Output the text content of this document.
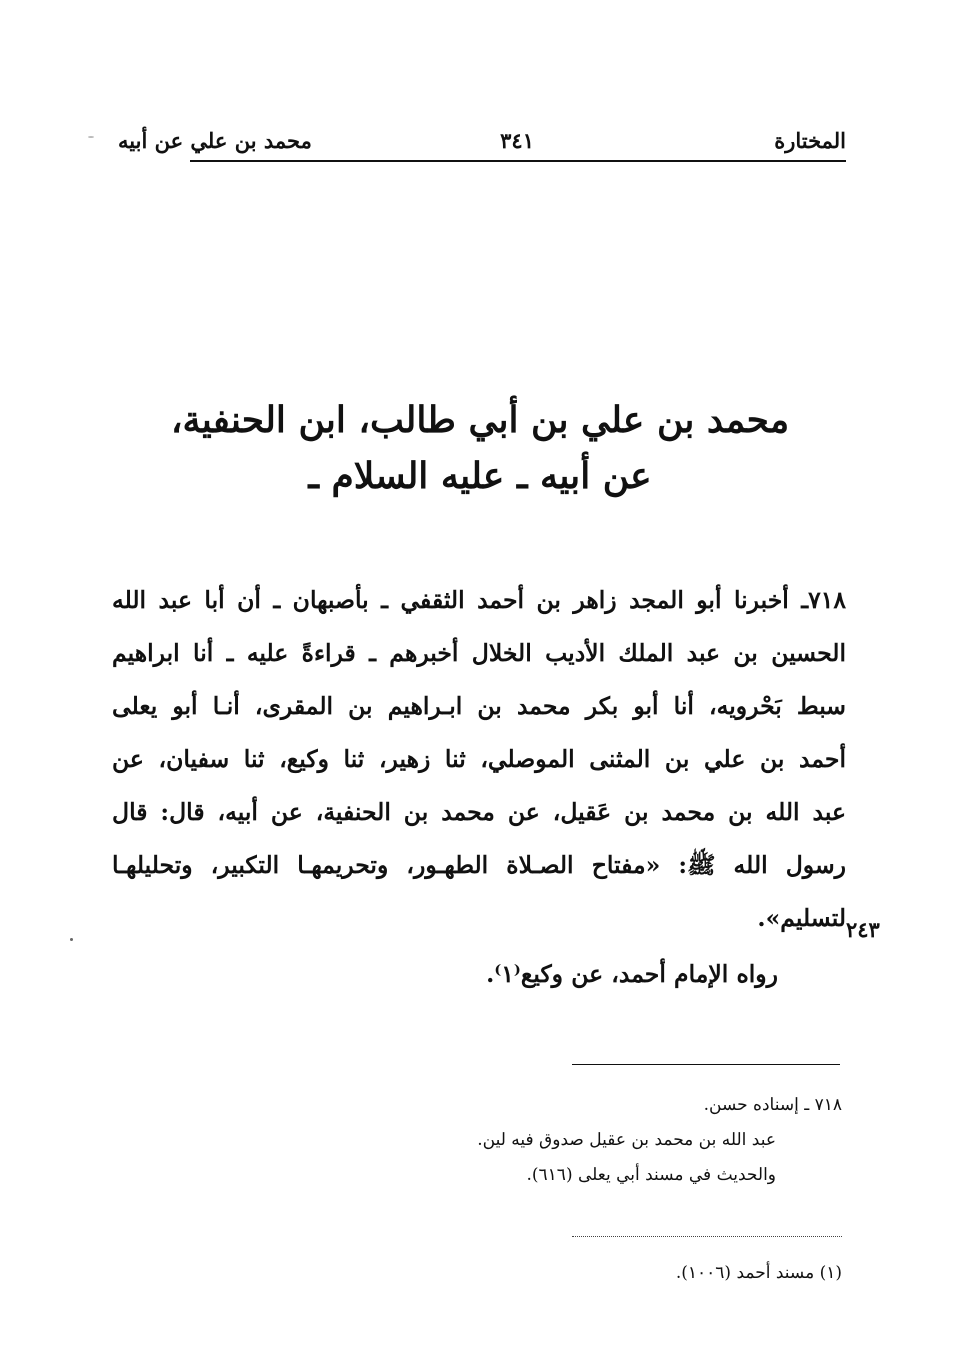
المختارة
٣٤١
محمد بن علي عن أبيه
محمد بن علي بن أبي طالب، ابن الحنفية،
عن أبيه ـ عليه السلام ـ
٧١٨ـ أخبرنا أبو المجد زاهر بن أحمد الثقفي ـ بأصبهان ـ أن أبا عبد الله
الحسين بن عبد الملك الأديب الخلال أخبرهم ـ قراءةً عليه ـ أنا ابراهيم
سبط بَحْرويه، أنا أبو بكر محمد بن ابـراهيم بن المقرى، أنـا أبو يعلى
أحمد بن علي بن المثنى الموصلي، ثنا زهير، ثنا وكيع، ثنا سفيان، عن
عبد الله بن محمد بن عَقيل، عن محمد بن الحنفية، عن أبيه، قال: قال
رسول الله ﷺ: «مفتاح الصـلاة الطهـور، وتحريمهـا التكبير، وتحليلهـا
لتسليم». ٢٤٣
رواه الإمام أحمد، عن وكيع⁽١⁾.
٧١٨ ـ إسناده حسن.
عبد الله بن محمد بن عقيل صدوق فيه لين.
والحديث في مسند أبي يعلى (٦١٦).
(١) مسند أحمد (١٠٠٦).
